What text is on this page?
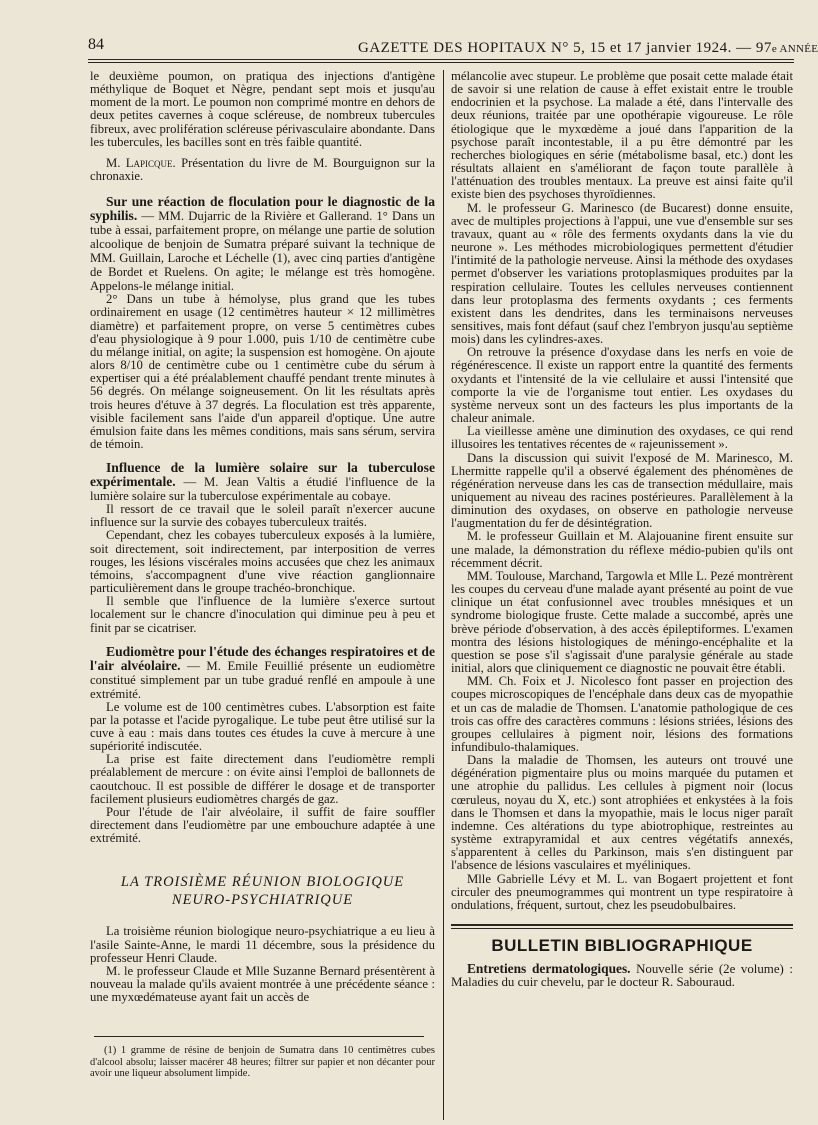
84	GAZETTE DES HOPITAUX N° 5, 15 et 17 janvier 1924. — 97e ANNÉE

le deuxième poumon, on pratiqua des injections d'antigène méthylique de Boquet et Nègre, pendant sept mois et jusqu'au moment de la mort. Le poumon non comprimé montre en dehors de deux petites cavernes à coque scléreuse, de nombreux tubercules fibreux, avec prolifération scléreuse périvasculaire abondante. Dans les tubercules, les bacilles sont en très faible quantité.

M. Lapicque. Présentation du livre de M. Bourguignon sur la chronaxie.

Sur une réaction de floculation pour le diagnostic de la syphilis. — MM. Dujarric de la Rivière et Gallerand. 1° Dans un tube à essai, parfaitement propre, on mélange une partie de solution alcoolique de benjoin de Sumatra préparé suivant la technique de MM. Guillain, Laroche et Léchelle (1), avec cinq parties d'antigène de Bordet et Ruelens. On agite; le mélange est très homogène. Appelons-le mélange initial.

2° Dans un tube à hémolyse, plus grand que les tubes ordinairement en usage (12 centimètres hauteur × 12 millimètres diamètre) et parfaitement propre, on verse 5 centimètres cubes d'eau physiologique à 9 pour 1.000, puis 1/10 de centimètre cube du mélange initial, on agite; la suspension est homogène. On ajoute alors 8/10 de centimètre cube ou 1 centimètre cube du sérum à expertiser qui a été préalablement chauffé pendant trente minutes à 56 degrés. On mélange soigneusement. On lit les résultats après trois heures d'étuve à 37 degrés. La floculation est très apparente, visible facilement sans l'aide d'un appareil d'optique. Une autre émulsion faite dans les mêmes conditions, mais sans sérum, servira de témoin.

Influence de la lumière solaire sur la tuberculose expérimentale. — M. Jean Valtis a étudié l'influence de la lumière solaire sur la tuberculose expérimentale au cobaye.

Il ressort de ce travail que le soleil paraît n'exercer aucune influence sur la survie des cobayes tuberculeux traités.

Cependant, chez les cobayes tuberculeux exposés à la lumière, soit directement, soit indirectement, par interposition de verres rouges, les lésions viscérales moins accusées que chez les animaux témoins, s'accompagnent d'une vive réaction ganglionnaire particulièrement dans le groupe trachéo-bronchique.

Il semble que l'influence de la lumière s'exerce surtout localement sur le chancre d'inoculation qui diminue peu à peu et finit par se cicatriser.

Eudiomètre pour l'étude des échanges respiratoires et de l'air alvéolaire. — M. Emile Feuillié présente un eudiomètre constitué simplement par un tube gradué renflé en ampoule à une extrémité.

Le volume est de 100 centimètres cubes. L'absorption est faite par la potasse et l'acide pyrogalique. Le tube peut être utilisé sur la cuve à eau : mais dans toutes ces études la cuve à mercure à une supériorité indiscutée.

La prise est faite directement dans l'eudiomètre rempli préalablement de mercure : on évite ainsi l'emploi de ballonnets de caoutchouc. Il est possible de différer le dosage et de transporter facilement plusieurs eudiomètres chargés de gaz.

Pour l'étude de l'air alvéolaire, il suffit de faire souffler directement dans l'eudiomètre par une embouchure adaptée à une extrémité.

LA TROISIÈME RÉUNION BIOLOGIQUE
NEURO-PSYCHIATRIQUE

La troisième réunion biologique neuro-psychiatrique a eu lieu à l'asile Sainte-Anne, le mardi 11 décembre, sous la présidence du professeur Henri Claude.

M. le professeur Claude et Mlle Suzanne Bernard présentèrent à nouveau la malade qu'ils avaient montrée à une précédente séance : une myxœdémateuse ayant fait un accès de

(1) 1 gramme de résine de benjoin de Sumatra dans 10 centimètres cubes d'alcool absolu; laisser macérer 48 heures; filtrer sur papier et non décanter pour avoir une liqueur absolument limpide.

mélancolie avec stupeur. Le problème que posait cette malade était de savoir si une relation de cause à effet existait entre le trouble endocrinien et la psychose. La malade a été, dans l'intervalle des deux réunions, traitée par une opothérapie vigoureuse. Le rôle étiologique que le myxœdème a joué dans l'apparition de la psychose paraît incontestable, il a pu être démontré par les recherches biologiques en série (métabolisme basal, etc.) dont les résultats allaient en s'améliorant de façon toute parallèle à l'atténuation des troubles mentaux. La preuve est ainsi faite qu'il existe bien des psychoses thyroïdiennes.

M. le professeur G. Marinesco (de Bucarest) donne ensuite, avec de multiples projections à l'appui, une vue d'ensemble sur ses travaux, quant au « rôle des ferments oxydants dans la vie du neurone ». Les méthodes microbiologiques permettent d'étudier l'intimité de la pathologie nerveuse. Ainsi la méthode des oxydases permet d'observer les variations protoplasmiques produites par la respiration cellulaire. Toutes les cellules nerveuses contiennent dans leur protoplasma des ferments oxydants ; ces ferments existent dans les dendrites, dans les terminaisons nerveuses sensitives, mais font défaut (sauf chez l'embryon jusqu'au septième mois) dans les cylindres-axes.

On retrouve la présence d'oxydase dans les nerfs en voie de régénérescence. Il existe un rapport entre la quantité des ferments oxydants et l'intensité de la vie cellulaire et aussi l'intensité que comporte la vie de l'organisme tout entier. Les oxydases du système nerveux sont un des facteurs les plus importants de la chaleur animale.

La vieillesse amène une diminution des oxydases, ce qui rend illusoires les tentatives récentes de « rajeunissement ».

Dans la discussion qui suivit l'exposé de M. Marinesco, M. Lhermitte rappelle qu'il a observé également des phénomènes de régénération nerveuse dans les cas de transection médullaire, mais uniquement au niveau des racines postérieures. Parallèlement à la diminution des oxydases, on observe en pathologie nerveuse l'augmentation du fer de désintégration.

M. le professeur Guillain et M. Alajouanine firent ensuite sur une malade, la démonstration du réflexe médio-pubien qu'ils ont récemment décrit.

MM. Toulouse, Marchand, Targowla et Mlle L. Pezé montrèrent les coupes du cerveau d'une malade ayant présenté au point de vue clinique un état confusionnel avec troubles mnésiques et un syndrome biologique fruste. Cette malade a succombé, après une brève période d'observation, à des accès épileptiformes. L'examen montra des lésions histologiques de méningo-encéphalite et la question se pose s'il s'agissait d'une paralysie générale au stade initial, alors que cliniquement ce diagnostic ne pouvait être établi.

MM. Ch. Foix et J. Nicolesco font passer en projection des coupes microscopiques de l'encéphale dans deux cas de myopathie et un cas de maladie de Thomsen. L'anatomie pathologique de ces trois cas offre des caractères communs : lésions striées, lésions des groupes cellulaires à pigment noir, lésions des formations infundibulo-thalamiques.

Dans la maladie de Thomsen, les auteurs ont trouvé une dégénération pigmentaire plus ou moins marquée du putamen et une atrophie du pallidus. Les cellules à pigment noir (locus cœruleus, noyau du X, etc.) sont atrophiées et enkystées à la fois dans le Thomsen et dans la myopathie, mais le locus niger paraît indemne. Ces altérations du type abiotrophique, restreintes au système extrapyramidal et aux centres végétatifs annexés, s'apparentent à celles du Parkinson, mais s'en distinguent par l'absence de lésions vasculaires et myéliniques.

Mlle Gabrielle Lévy et M. L. van Bogaert projettent et font circuler des pneumogrammes qui montrent un type respiratoire à ondulations, fréquent, surtout, chez les pseudobulbaires.

BULLETIN BIBLIOGRAPHIQUE

Entretiens dermatologiques. Nouvelle série (2e volume) : Maladies du cuir chevelu, par le docteur R. Sabouraud.
